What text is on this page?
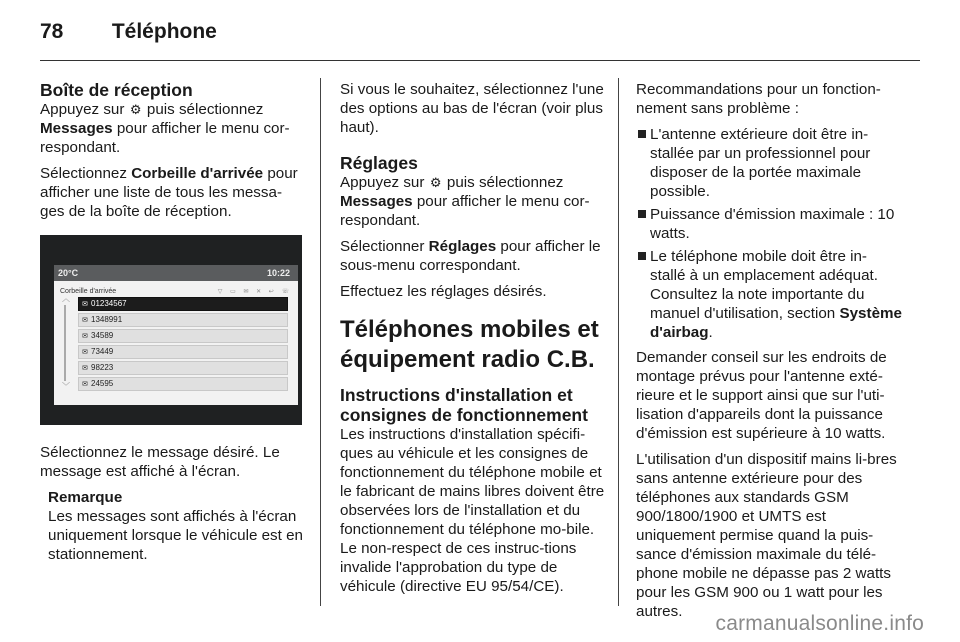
78 Téléphone
Boîte de réception

Appuyez sur ⚙ puis sélectionnez Messages pour afficher le menu cor-respondant.

Sélectionnez Corbeille d'arrivée pour afficher une liste de tous les messa-ges de la boîte de réception.

20°C	10:22
Corbeille d'arrivée	▽ ▭ ✉ ✕ ↩ ☏
︿
﹀
✉ 01234567
✉ 1348991
✉ 34589
✉ 73449
✉ 98223
✉ 24595

Sélectionnez le message désiré. Le message est affiché à l'écran.

Remarque
Les messages sont affichés à l'écran uniquement lorsque le véhicule est en stationnement.

Si vous le souhaitez, sélectionnez l'une des options au bas de l'écran (voir plus haut).

Réglages

Appuyez sur ⚙ puis sélectionnez Messages pour afficher le menu cor-respondant.

Sélectionner Réglages pour afficher le sous-menu correspondant.

Effectuez les réglages désirés.

Téléphones mobiles et équipement radio C.B.
Instructions d'installation et consignes de fonctionnement

Les instructions d'installation spécifi-ques au véhicule et les consignes de fonctionnement du téléphone mobile et le fabricant de mains libres doivent être observées lors de l'installation et du fonctionnement du téléphone mo-bile. Le non-respect de ces instruc-tions invalide l'approbation du type de véhicule (directive EU 95/54/CE).

Recommandations pour un fonction-nement sans problème :

L'antenne extérieure doit être in-stallée par un professionnel pour disposer de la portée maximale possible.
Puissance d'émission maximale : 10 watts.
Le téléphone mobile doit être in-stallé à un emplacement adéquat. Consultez la note importante du manuel d'utilisation, section Système d'airbag.

Demander conseil sur les endroits de montage prévus pour l'antenne exté-rieure et le support ainsi que sur l'uti-lisation d'appareils dont la puissance d'émission est supérieure à 10 watts.

L'utilisation d'un dispositif mains li-bres sans antenne extérieure pour des téléphones aux standards GSM 900/1800/1900 et UMTS est uniquement permise quand la puis-sance d'émission maximale du télé-phone mobile ne dépasse pas 2 watts pour les GSM 900 ou 1 watt pour les autres.

carmanualsonline.info
